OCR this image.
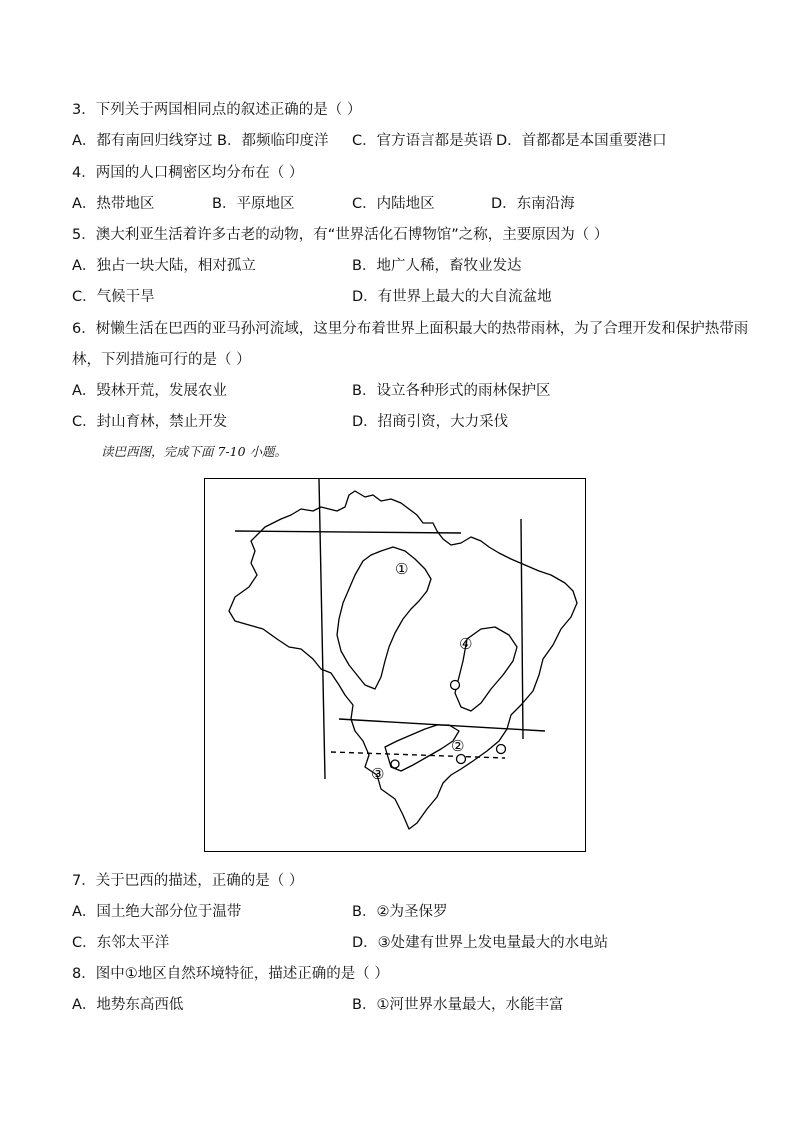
3．下列关于两国相同点的叙述正确的是（ ）
A．都有南回归线穿过 B．都频临印度洋 C．官方语言都是英语 D．首都都是本国重要港口
4．两国的人口稠密区均分布在（ ）
A．热带地区	B．平原地区	C．内陆地区	D．东南沿海
5．澳大利亚生活着许多古老的动物，有“世界活化石博物馆”之称，主要原因为（ ）
A．独占一块大陆，相对孤立	B．地广人稀，畜牧业发达
C．气候干旱	D．有世界上最大的大自流盆地
6．树懒生活在巴西的亚马孙河流域，这里分布着世界上面积最大的热带雨林，为了合理开发和保护热带雨
林，下列措施可行的是（ ）
A．毁林开荒，发展农业	B．设立各种形式的雨林保护区
C．封山育林，禁止开发	D．招商引资，大力采伐
读巴西图，完成下面 7-10 小题。
①
④
②
③
7．关于巴西的描述，正确的是（ ）
A．国土绝大部分位于温带	B．②为圣保罗
C．东邻太平洋	D．③处建有世界上发电量最大的水电站
8．图中①地区自然环境特征，描述正确的是（ ）
A．地势东高西低	B．①河世界水量最大，水能丰富
